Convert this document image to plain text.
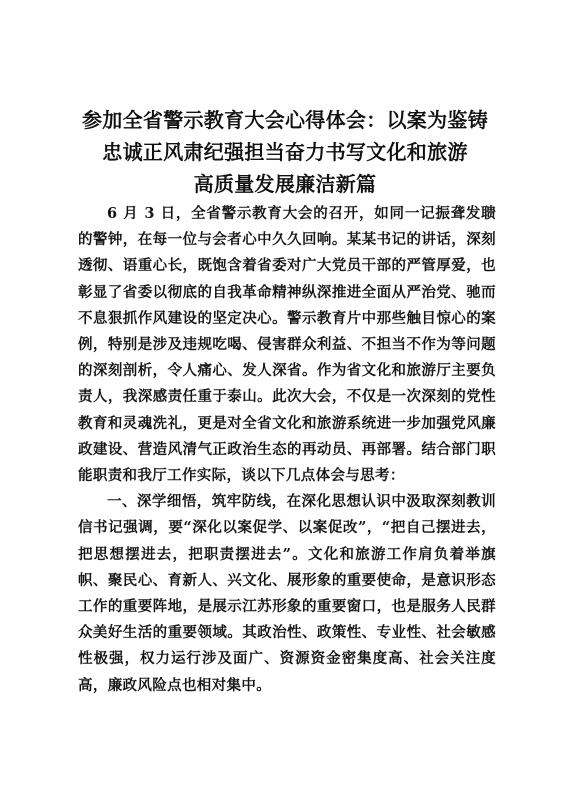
参加全省警示教育大会心得体会：以案为鉴铸
忠诚正风肃纪强担当奋力书写文化和旅游
高质量发展廉洁新篇

6 月 3 日，全省警示教育大会的召开，如同一记振聋发聩的警钟，在每一位与会者心中久久回响。某某书记的讲话，深刻透彻、语重心长，既饱含着省委对广大党员干部的严管厚爱，也彰显了省委以彻底的自我革命精神纵深推进全面从严治党、驰而不息狠抓作风建设的坚定决心。警示教育片中那些触目惊心的案例，特别是涉及违规吃喝、侵害群众利益、不担当不作为等问题的深刻剖析，令人痛心、发人深省。作为省文化和旅游厅主要负责人，我深感责任重于泰山。此次大会，不仅是一次深刻的党性教育和灵魂洗礼，更是对全省文化和旅游系统进一步加强党风廉政建设、营造风清气正政治生态的再动员、再部署。结合部门职能职责和我厅工作实际，谈以下几点体会与思考：

一、深学细悟，筑牢防线，在深化思想认识中汲取深刻教训信书记强调，要“深化以案促学、以案促改”，“把自己摆进去，把思想摆进去，把职责摆进去”。文化和旅游工作肩负着举旗帜、聚民心、育新人、兴文化、展形象的重要使命，是意识形态工作的重要阵地，是展示江苏形象的重要窗口，也是服务人民群众美好生活的重要领域。其政治性、政策性、专业性、社会敏感性极强，权力运行涉及面广、资源资金密集度高、社会关注度高，廉政风险点也相对集中。
